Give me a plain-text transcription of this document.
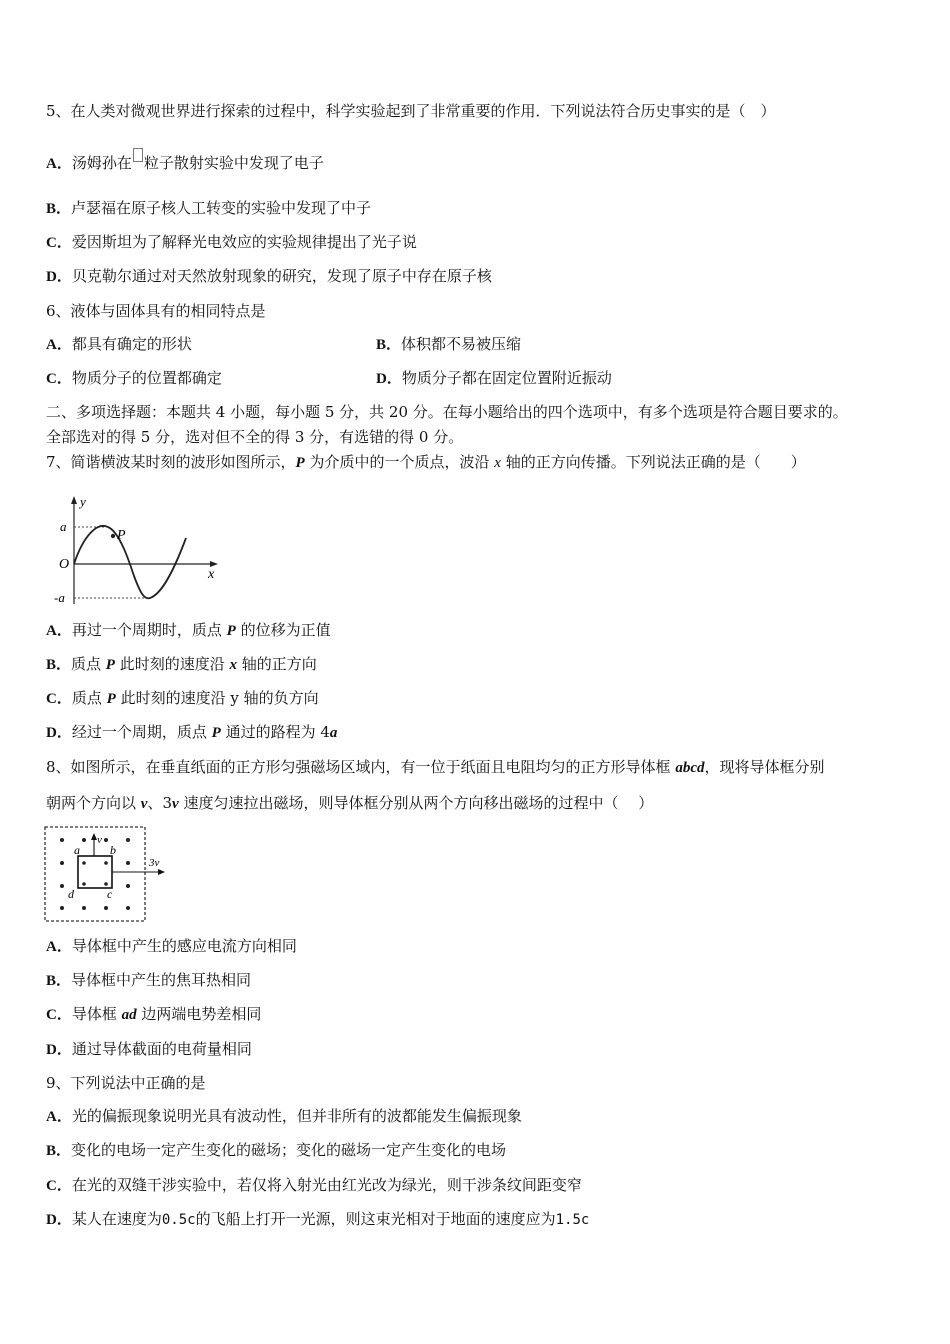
5、在人类对微观世界进行探索的过程中，科学实验起到了非常重要的作用．下列说法符合历史事实的是（　）
A．汤姆孙在 粒子散射实验中发现了电子
B．卢瑟福在原子核人工转变的实验中发现了中子
C．爱因斯坦为了解释光电效应的实验规律提出了光子说
D．贝克勒尔通过对天然放射现象的研究，发现了原子中存在原子核
6、液体与固体具有的相同特点是
A．都具有确定的形状	B．体积都不易被压缩
C．物质分子的位置都确定	D．物质分子都在固定位置附近振动
二、多项选择题：本题共 4 小题，每小题 5 分，共 20 分。在每小题给出的四个选项中，有多个选项是符合题目要求的。
全部选对的得 5 分，选对但不全的得 3 分，有选错的得 0 分。
7、简谐横波某时刻的波形如图所示，P 为介质中的一个质点，波沿 x 轴的正方向传播。下列说法正确的是（　　）
y
a
P
O
x
-a
A．再过一个周期时，质点 P 的位移为正值
B．质点 P 此时刻的速度沿 x 轴的正方向
C．质点 P 此时刻的速度沿 y 轴的负方向
D．经过一个周期，质点 P 通过的路程为 4a
8、如图所示，在垂直纸面的正方形匀强磁场区域内，有一位于纸面且电阻均匀的正方形导体框 abcd，现将导体框分别
朝两个方向以 v、3v 速度匀速拉出磁场，则导体框分别从两个方向移出磁场的过程中（　 ）
a	b
c
d
v
3v
A．导体框中产生的感应电流方向相同
B．导体框中产生的焦耳热相同
C．导体框 ad 边两端电势差相同
D．通过导体截面的电荷量相同
9、下列说法中正确的是
A．光的偏振现象说明光具有波动性，但并非所有的波都能发生偏振现象
B．变化的电场一定产生变化的磁场；变化的磁场一定产生变化的电场
C．在光的双缝干涉实验中，若仅将入射光由红光改为绿光，则干涉条纹间距变窄
D．某人在速度为0.5c的飞船上打开一光源，则这束光相对于地面的速度应为1.5c
